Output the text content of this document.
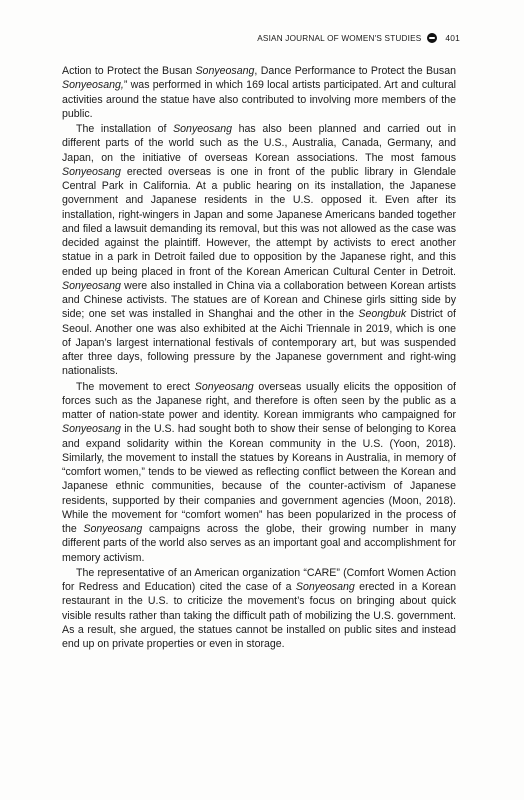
ASIAN JOURNAL OF WOMEN'S STUDIES	401

Action to Protect the Busan Sonyeosang, Dance Performance to Protect the Busan Sonyeosang,” was performed in which 169 local artists participated. Art and cultural activities around the statue have also contributed to involving more members of the public.

The installation of Sonyeosang has also been planned and carried out in different parts of the world such as the U.S., Australia, Canada, Germany, and Japan, on the initiative of overseas Korean associations. The most famous Sonyeosang erected overseas is one in front of the public library in Glendale Central Park in California. At a public hearing on its installation, the Japanese government and Japanese residents in the U.S. opposed it. Even after its installation, right-wingers in Japan and some Japanese Americans banded together and filed a lawsuit demanding its removal, but this was not allowed as the case was decided against the plaintiff. However, the attempt by activists to erect another statue in a park in Detroit failed due to opposition by the Japanese right, and this ended up being placed in front of the Korean American Cultural Center in Detroit. Sonyeosang were also installed in China via a collaboration between Korean artists and Chinese activists. The statues are of Korean and Chinese girls sitting side by side; one set was installed in Shanghai and the other in the Seongbuk District of Seoul. Another one was also exhibited at the Aichi Triennale in 2019, which is one of Japan’s largest international festivals of contemporary art, but was suspended after three days, following pressure by the Japanese government and right-wing nationalists.

The movement to erect Sonyeosang overseas usually elicits the opposition of forces such as the Japanese right, and therefore is often seen by the public as a matter of nation-state power and identity. Korean immigrants who campaigned for Sonyeosang in the U.S. had sought both to show their sense of belonging to Korea and expand solidarity within the Korean community in the U.S. (Yoon, 2018). Similarly, the movement to install the statues by Koreans in Australia, in memory of “comfort women,” tends to be viewed as reflecting conflict between the Korean and Japanese ethnic communities, because of the counter-activism of Japanese residents, supported by their companies and government agencies (Moon, 2018). While the movement for “comfort women” has been popularized in the process of the Sonyeosang campaigns across the globe, their growing number in many different parts of the world also serves as an important goal and accomplishment for memory activism.

The representative of an American organization “CARE” (Comfort Women Action for Redress and Education) cited the case of a Sonyeosang erected in a Korean restaurant in the U.S. to criticize the movement’s focus on bringing about quick visible results rather than taking the difficult path of mobilizing the U.S. government. As a result, she argued, the statues cannot be installed on public sites and instead end up on private properties or even in storage.
